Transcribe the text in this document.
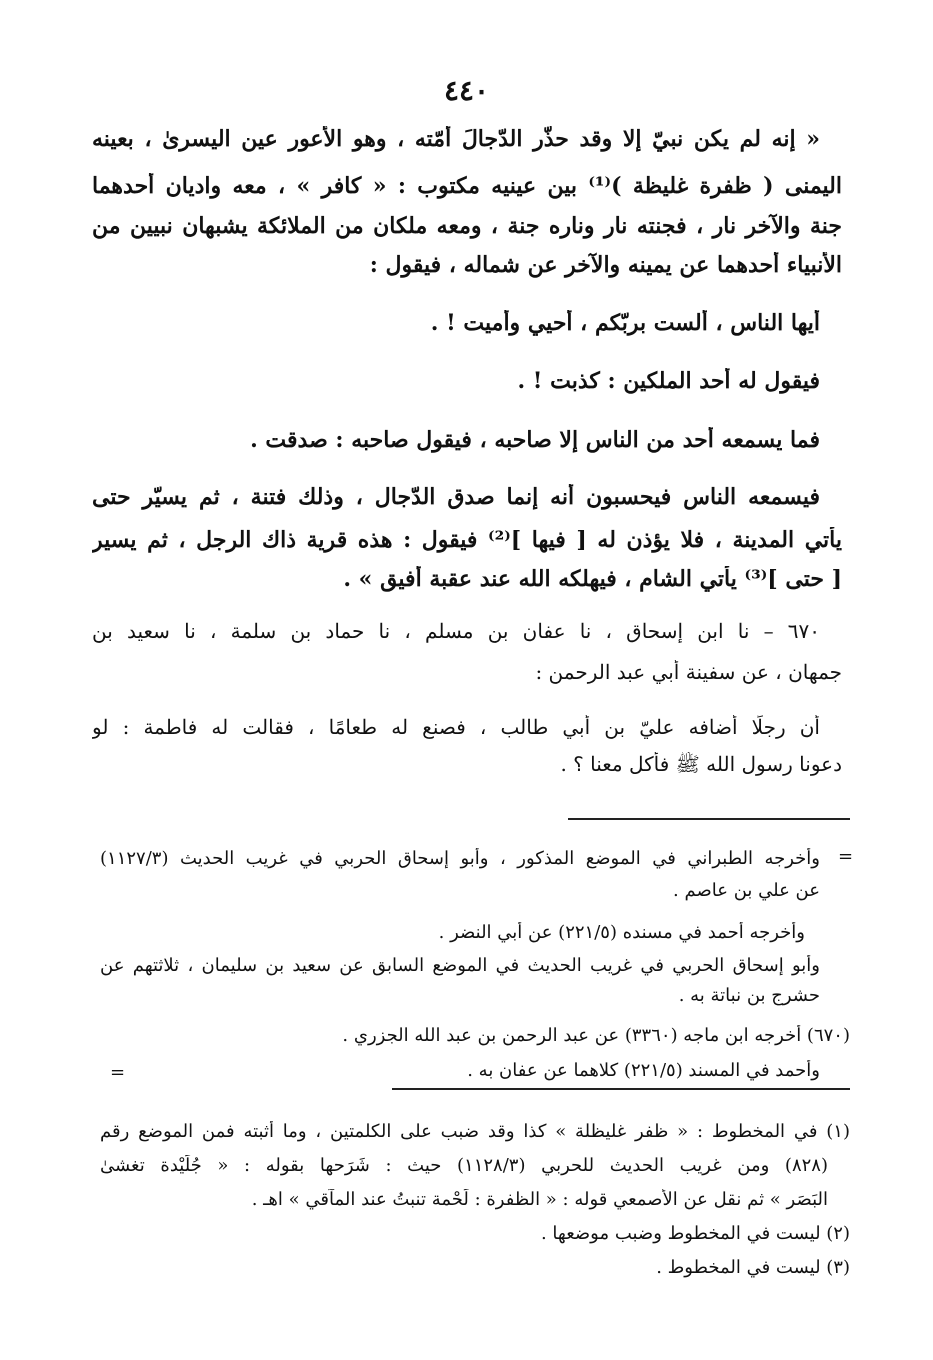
٤٤٠
« إنه لم يكن نبيّ إلا وقد حذّر الدّجالَ أمّته ، وهو الأعور عين اليسرىٰ ، بعينه
اليمنى ( ظفرة غليظة )⁽¹⁾ بين عينيه مكتوب : « كافر » ، معه واديان أحدهما
جنة والآخر نار ، فجنته نار وناره جنة ، ومعه ملكان من الملائكة يشبهان نبيين من
الأنبياء أحدهما عن يمينه والآخر عن شماله ، فيقول :
أيها الناس ، ألست بربّكم ، أحيي وأميت ! .
فيقول له أحد الملكين : كذبت ! .
فما يسمعه أحد من الناس إلا صاحبه ، فيقول صاحبه : صدقت .
فيسمعه الناس فيحسبون أنه إنما صدق الدّجال ، وذلك فتنة ، ثم يسيّر حتى
يأتي المدينة ، فلا يؤذن له [ فيها ]⁽²⁾ فيقول : هذه قرية ذاك الرجل ، ثم يسير
[ حتى ]⁽³⁾ يأتي الشام ، فيهلكه الله عند عقبة أفيق » .
٦٧٠ – نا ابن إسحاق ، نا عفان بن مسلم ، نا حماد بن سلمة ، نا سعيد بن
جمهان ، عن سفينة أبي عبد الرحمن :
أن رجلًا أضافه عليّ بن أبي طالب ، فصنع له طعامًا ، فقالت له فاطمة : لو
دعونا رسول الله ﷺ فأكل معنا ؟ .
=
وأخرجه الطبراني في الموضع المذكور ، وأبو إسحاق الحربي في غريب الحديث (١١٢٧/٣)
عن علي بن عاصم .
وأخرجه أحمد في مسنده (٢٢١/٥) عن أبي النضر .
وأبو إسحاق الحربي في غريب الحديث في الموضع السابق عن سعيد بن سليمان ، ثلاثتهم عن
حشرج بن نباتة به .
(٦٧٠) أخرجه ابن ماجه (٣٣٦٠) عن عبد الرحمن بن عبد الله الجزري .
وأحمد في المسند (٢٢١/٥) كلاهما عن عفان به .
=
(١) في المخطوط : « ظفر غليظلة » كذا وقد ضبب على الكلمتين ، وما أثبته فمن الموضع رقم
(٨٢٨) ومن غريب الحديث للحربي (١١٢٨/٣) حيث : شَرَحها بقوله : « جُلَيْدة تغشىٰ
البَصَر » ثم نقل عن الأصمعي قوله : « الظفرة : لَحْمة تنبتُ عند المآقي » اهـ .
(٢) ليست في المخطوط وضبب موضعها .
(٣) ليست في المخطوط .
